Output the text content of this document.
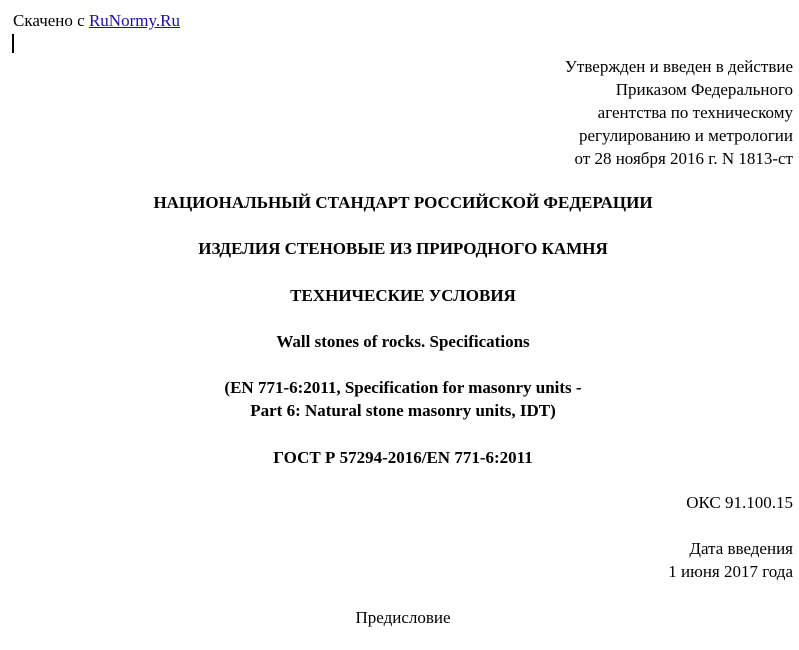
Скачено с RuNormy.Ru
Утвержден и введен в действие
Приказом Федерального
агентства по техническому
регулированию и метрологии
от 28 ноября 2016 г. N 1813-ст
НАЦИОНАЛЬНЫЙ СТАНДАРТ РОССИЙСКОЙ ФЕДЕРАЦИИ
ИЗДЕЛИЯ СТЕНОВЫЕ ИЗ ПРИРОДНОГО КАМНЯ
ТЕХНИЧЕСКИЕ УСЛОВИЯ
Wall stones of rocks. Specifications
(EN 771-6:2011, Specification for masonry units -
Part 6: Natural stone masonry units, IDT)
ГОСТ Р 57294-2016/EN 771-6:2011
ОКС 91.100.15
Дата введения
1 июня 2017 года
Предисловие
